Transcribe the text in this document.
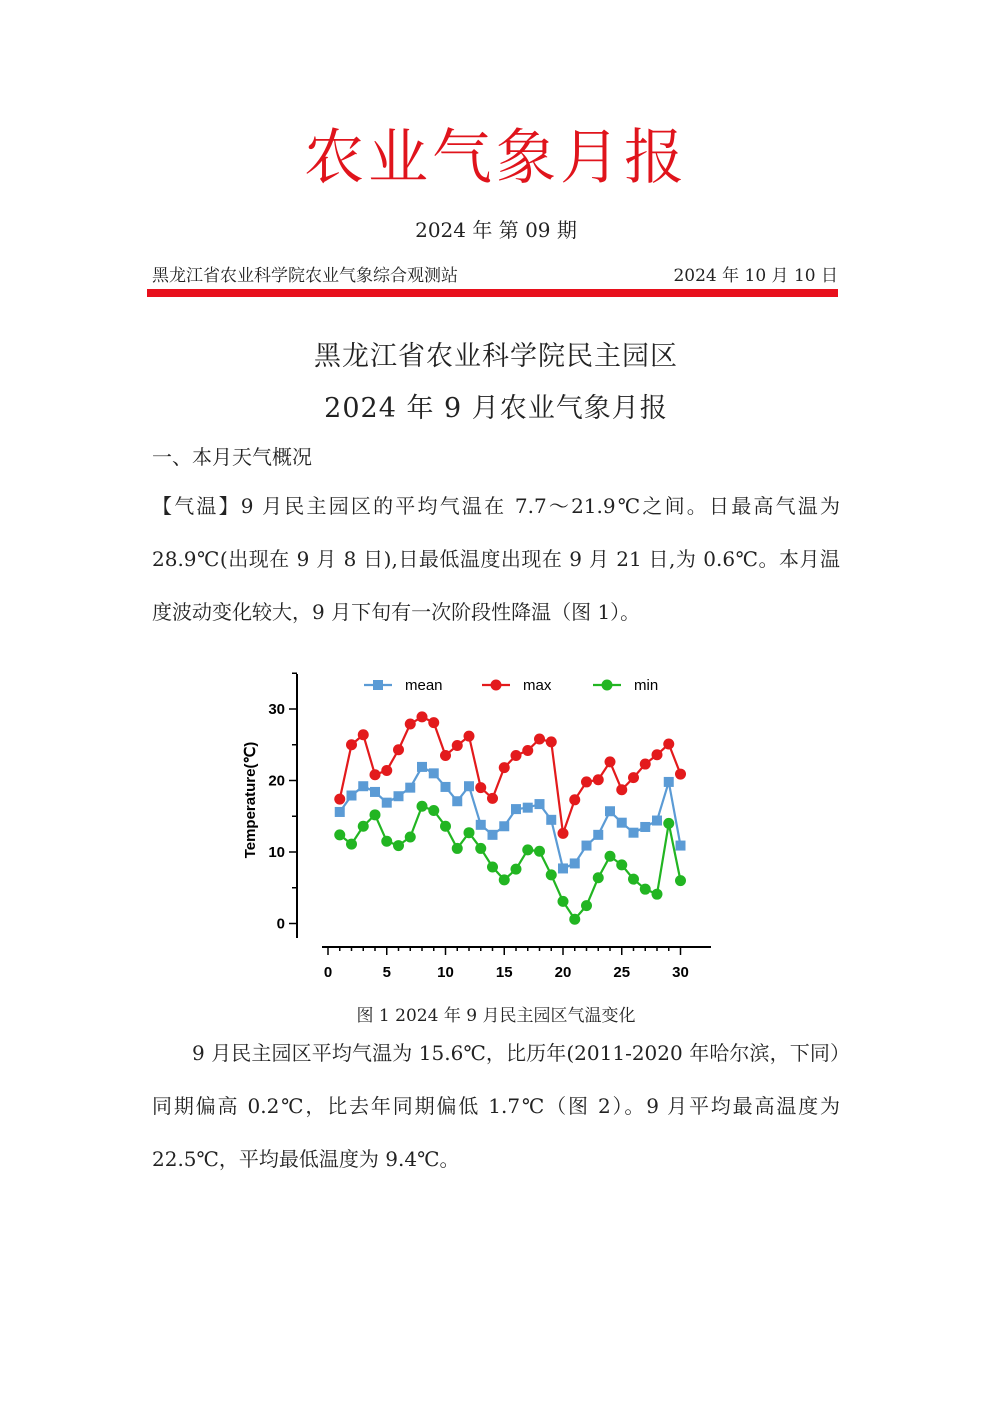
农业气象月报
2024 年 第 09 期
黑龙江省农业科学院农业气象综合观测站	2024 年 10 月 10 日
黑龙江省农业科学院民主园区
2024 年 9 月农业气象月报
一、本月天气概况
【气温】9 月民主园区的平均气温在 7.7～21.9℃之间。日最高气温为 28.9℃(出现在 9 月 8 日),日最低温度出现在 9 月 21 日,为 0.6℃。本月温度波动变化较大，9 月下旬有一次阶段性降温（图 1）。
0
10
20
30
0	5	10	15	20	25	30
Temperature(℃)
mean	max	min
图 1 2024 年 9 月民主园区气温变化
9 月民主园区平均气温为 15.6℃，比历年(2011-2020 年哈尔滨，下同）同期偏高 0.2℃，比去年同期偏低 1.7℃（图 2）。9 月平均最高温度为 22.5℃，平均最低温度为 9.4℃。
